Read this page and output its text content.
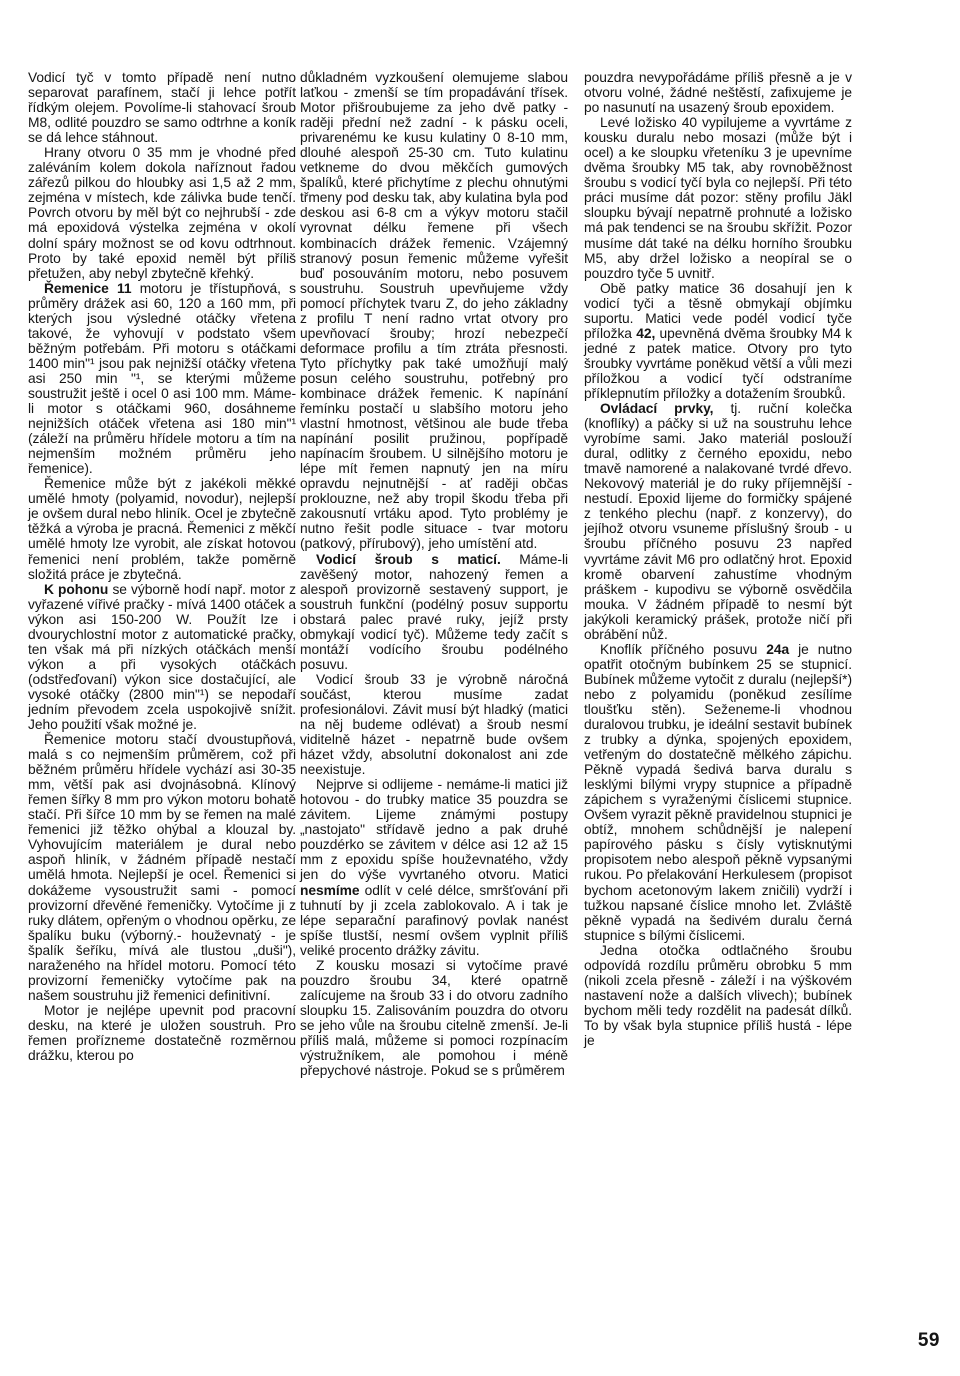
Vodicí tyč v tomto případě není nutno separovat parafínem, stačí ji lehce potřít řídkým olejem. Povolíme-li stahovací šroub M8, odlité pouzdro se samo odtrhne a koník se dá lehce stáhnout.

Hrany otvoru 0 35 mm je vhodné před zaléváním kolem dokola naříznout řadou zářezů pilkou do hloubky asi 1,5 až 2 mm, zejména v místech, kde zálivka bude tenčí. Povrch otvoru by měl být co nejhrubší - zde má epoxidová výstelka zejména v okolí dolní spáry možnost se od kovu odtrhnout. Proto by také epoxid neměl být příliš přetužen, aby nebyl zbytečně křehký.

Řemenice 11 motoru je třístupňová, s průměry drážek asi 60, 120 a 160 mm, při kterých jsou výsledné otáčky vřetena takové, že vyhovují v podstato všem běžným potřebám. Při motoru s otáčkami 1400 min"¹ jsou pak nejnižší otáčky vřetena asi 250 min "¹, se kterými můžeme soustružit ještě i ocel 0 asi 100 mm. Máme-li motor s otáčkami 960, dosáhneme nejnižších otáček vřetena asi 180 min"¹ (záleží na průměru hřídele motoru a tím na nejmenším možném průměru jeho řemenice).

Řemenice může být z jakékoli měkké umělé hmoty (polyamid, novodur), nejlepší je ovšem dural nebo hliník. Ocel je zbytečně těžká a výroba je pracná. Řemenici z měkčí umělé hmoty lze vyrobit, ale získat hotovou řemenici není problém, takže poměrně složitá práce je zbytečná.

K pohonu se výborně hodí např. motor z vyřazené vířivé pračky - mívá 1400 otáček a výkon asi 150-200 W. Použít lze i dvourychlostní motor z automatické pračky, ten však má při nízkých otáčkách menší výkon a při vysokých otáčkách (odstřeďovaní) výkon sice dostačující, ale vysoké otáčky (2800 min"¹) se nepodaří jedním převodem zcela uspokojivě snížit. Jeho použití však možné je.

Řemenice motoru stačí dvoustupňová, malá s co nejmenším průměrem, což při běžném průměru hřídele vychází asi 30-35 mm, větší pak asi dvojnásobná. Klínový řemen šířky 8 mm pro výkon motoru bohatě stačí. Při šířce 10 mm by se řemen na malé řemenici již těžko ohýbal a klouzal by. Vyhovujícím materiálem je dural nebo aspoň hliník, v žádném případě nestačí umělá hmota. Nejlepší je ocel. Řemenici si dokážeme vysoustružit sami - pomocí provizorní dřevěné řemeničky. Vytočíme ji z ruky dlátem, opřeným o vhodnou opěrku, ze špalíku buku (výborný.- houževnatý - je špalík šeříku, mívá ale tlustou „duši"), naraženého na hřídel motoru. Pomocí této provizorní řemeničky vytočíme pak na našem soustruhu již řemenici definitivní.

Motor je nejlépe upevnit pod pracovní desku, na které je uložen soustruh. Pro řemen prořízneme dostatečně rozměrnou drážku, kterou po

důkladném vyzkoušení olemujeme slabou laťkou - zmenší se tím propadávání třísek. Motor přišroubujeme za jeho dvě patky - raději přední než zadní - k pásku oceli, privarenému ke kusu kulatiny 0 8-10 mm, dlouhé alespoň 25-30 cm. Tuto kulatinu vetkneme do dvou měkčích gumových špalíků, které přichytíme z plechu ohnutými třmeny pod desku tak, aby kulatina byla pod deskou asi 6-8 cm a výkyv motoru stačil vyrovnat délku řemene při všech kombinacích drážek řemenic. Vzájemný stranový posun řemenic můžeme vyřešit buď posouváním motoru, nebo posuvem soustruhu. Soustruh upevňujeme vždy pomocí příchytek tvaru Z, do jeho základny z profilu T není radno vrtat otvory pro upevňovací šrouby; hrozí nebezpečí deformace profilu a tím ztráta přesnosti. Tyto příchytky pak také umožňují malý posun celého soustruhu, potřebný pro kombinace drážek řemenic. K napínání řemínku postačí u slabšího motoru jeho vlastní hmotnost, většinou ale bude třeba napínání posilit pružinou, popřípadě napínacím šroubem. U silnějšího motoru je lépe mít řemen napnutý jen na míru opravdu nejnutnější - ať raději občas proklouzne, než aby tropil škodu třeba při zakousnutí vrtáku apod. Tyto problémy je nutno řešit podle situace - tvar motoru (patkový, přírubový), jeho umístění atd.

Vodicí šroub s maticí. Máme-li zavěšený motor, nahozený řemen a alespoň provizorně sestavený support, je soustruh funkční (podélný posuv supportu obstará palec pravé ruky, jejíž prsty obmykají vodicí tyč). Můžeme tedy začít s montáží vodícího šroubu podélného posuvu.

Vodicí šroub 33 je výrobně náročná součást, kterou musíme zadat profesionálovi. Závit musí být hladký (matici na něj budeme odlévat) a šroub nesmí viditelně házet - nepatrně bude ovšem házet vždy, absolutní dokonalost ani zde neexistuje.

Nejprve si odlijeme - nemáme-li matici již hotovou - do trubky matice 35 pouzdra se závitem. Lijeme známými postupy „nastojato" střídavě jedno a pak druhé pouzdérko se závitem v délce asi 12 až 15 mm z epoxidu spíše houževnatého, vždy jen do výše vyvrtaného otvoru. Matici nesmíme odlít v celé délce, smršťování při tuhnutí by ji zcela zablokovalo. A i tak je lépe separační parafinový povlak nanést spíše tlustší, nesmí ovšem vyplnit příliš veliké procento drážky závitu.

Z kousku mosazi si vytočíme pravé pouzdro šroubu 34, které opatrně zalícujeme na šroub 33 i do otvoru zadního sloupku 15. Zalisováním pouzdra do otvoru se jeho vůle na šroubu citelně zmenší. Je-li příliš malá, můžeme si pomoci rozpínacím výstružníkem, ale pomohou i méně přepychové nástroje. Pokud se s průměrem

pouzdra nevypořádáme příliš přesně a je v otvoru volné, žádné neštěstí, zafixujeme je po nasunutí na usazený šroub epoxidem.

Levé ložisko 40 vypilujeme a vyvrtáme z kousku duralu nebo mosazi (může být i ocel) a ke sloupku vřeteníku 3 je upevníme dvěma šroubky M5 tak, aby rovnoběžnost šroubu s vodicí tyčí byla co nejlepší. Při této práci musíme dát pozor: stěny profilu Jäkl sloupku bývají nepatrně prohnuté a ložisko má pak tendenci se na šroubu skřížit. Pozor musíme dát také na délku horního šroubku M5, aby držel ložisko a neopíral se o pouzdro tyče 5 uvnitř.

Obě patky matice 36 dosahují jen k vodicí tyči a těsně obmykají objímku suportu. Matici vede podél vodicí tyče příložka 42, upevněná dvěma šroubky M4 k jedné z patek matice. Otvory pro tyto šroubky vyvrtáme poněkud větší a vůli mezi příložkou a vodicí tyčí odstraníme příklepnutím příložky a dotažením šroubků.

Ovládací prvky, tj. ruční kolečka (knoflíky) a páčky si už na soustruhu lehce vyrobíme sami. Jako materiál poslouží dural, odlitky z černého epoxidu, nebo tmavě namorené a nalakované tvrdé dřevo. Nekovový materiál je do ruky příjemnější - nestudí. Epoxid lijeme do formičky spájené z tenkého plechu (např. z konzervy), do jejíhož otvoru vsuneme příslušný šroub - u šroubu příčného posuvu 23 napřed vyvrtáme závit M6 pro odlatčný hrot. Epoxid kromě obarvení zahustíme vhodným práškem - kupodivu se výborně osvědčila mouka. V žádném případě to nesmí být jakýkoli keramický prášek, protože ničí při obrábění nůž.

Knoflík příčného posuvu 24a je nutno opatřit otočným bubínkem 25 se stupnicí. Bubínek můžeme vytočit z duralu (nejlepší*) nebo z polyamidu (poněkud zesílíme tloušťku stěn). Seženeme-li vhodnou duralovou trubku, je ideální sestavit bubínek z trubky a dýnka, spojených epoxidem, vetřeným do dostatečně mělkého zápichu. Pěkně vypadá šedivá barva duralu s lesklými bílými vrypy stupnice a případně zápichem s vyraženými číslicemi stupnice. Ovšem vyrazit pěkně pravidelnou stupnici je obtíž, mnohem schůdnější je nalepení papírového pásku s čísly vytisknutými propisotem nebo alespoň pěkně vypsanými rukou. Po přelakování Herkulesem (propisot bychom acetonovým lakem zničili) vydrží i tužkou napsané číslice mnoho let. Zvláště pěkně vypadá na šedivém duralu černá stupnice s bílými číslicemi.

Jedna otočka odtlačného šroubu odpovídá rozdílu průměru obrobku 5 mm (nikoli zcela přesně - záleží i na výškovém nastavení nože a dalších vlivech); bubínek bychom měli tedy rozdělit na padesát dílků. To by však byla stupnice příliš hustá - lépe je

59
